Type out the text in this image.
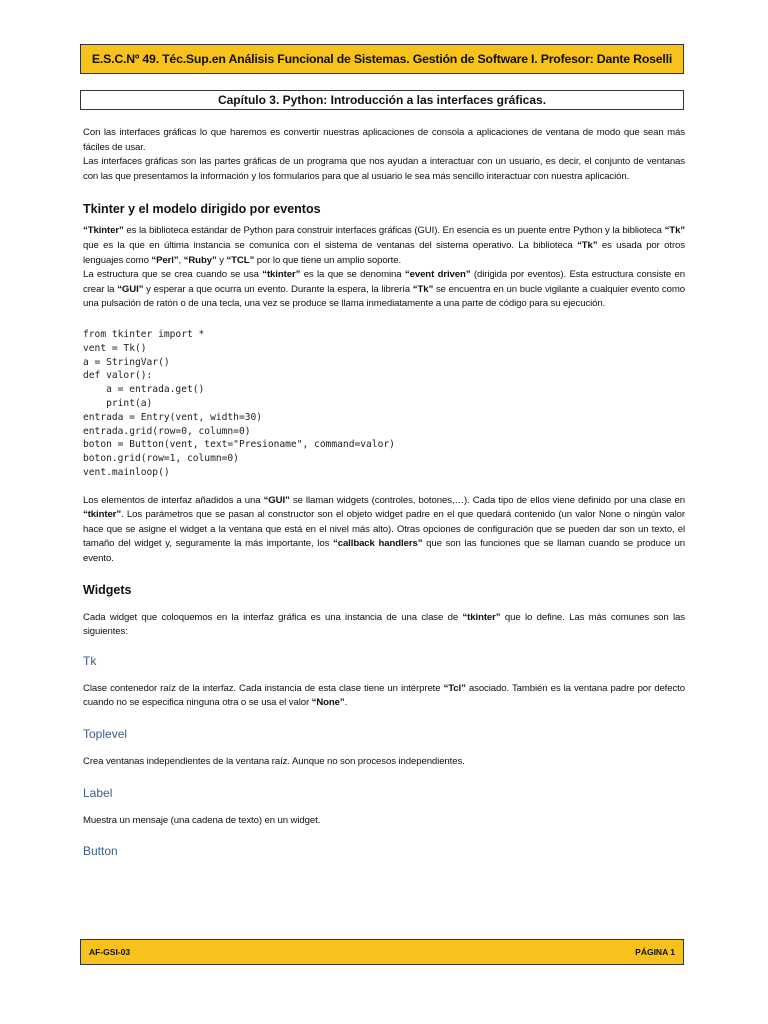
E.S.C.Nº 49. Téc.Sup.en Análisis Funcional de Sistemas. Gestión de Software I. Profesor: Dante Roselli
Capítulo 3. Python: Introducción a las interfaces gráficas.

Con las interfaces gráficas lo que haremos es convertir nuestras aplicaciones de consola a aplicaciones de ventana de modo que sean más fáciles de usar.

Las interfaces gráficas son las partes gráficas de un programa que nos ayudan a interactuar con un usuario, es decir, el conjunto de ventanas con las que presentamos la información y los formularios para que al usuario le sea más sencillo interactuar con nuestra aplicación.

Tkinter y el modelo dirigido por eventos

“Tkinter” es la biblioteca estándar de Python para construir interfaces gráficas (GUI). En esencia es un puente entre Python y la biblioteca “Tk” que es la que en última instancia se comunica con el sistema de ventanas del sistema operativo. La biblioteca “Tk” es usada por otros lenguajes como “Perl”, “Ruby” y “TCL” por lo que tiene un amplio soporte.

La estructura que se crea cuando se usa “tkinter” es la que se denomina “event driven” (dirigida por eventos). Esta estructura consiste en crear la “GUI” y esperar a que ocurra un evento. Durante la espera, la librería “Tk” se encuentra en un bucle vigilante a cualquier evento como una pulsación de ratón o de una tecla, una vez se produce se llama inmediatamente a una parte de código para su ejecución.

from tkinter import *
vent = Tk()
a = StringVar()
def valor():
a = entrada.get()
print(a)
entrada = Entry(vent, width=30)
entrada.grid(row=0, column=0)
boton = Button(vent, text="Presioname", command=valor)
boton.grid(row=1, column=0)
vent.mainloop()

Los elementos de interfaz añadidos a una “GUI” se llaman widgets (controles, botones,…). Cada tipo de ellos viene definido por una clase en “tkinter”. Los parámetros que se pasan al constructor son el objeto widget padre en el que quedará contenido (un valor None o ningún valor hace que se asigne el widget a la ventana que está en el nivel más alto). Otras opciones de configuración que se pueden dar son un texto, el tamaño del widget y, seguramente la más importante, los “callback handlers” que son las funciones que se llaman cuando se produce un evento.

Widgets

Cada widget que coloquemos en la interfaz gráfica es una instancia de una clase de “tkinter” que lo define. Las más comunes son las siguientes:

Tk

Clase contenedor raíz de la interfaz. Cada instancia de esta clase tiene un intérprete “Tcl” asociado. También es la ventana padre por defecto cuando no se especifica ninguna otra o se usa el valor “None”.

Toplevel

Crea ventanas independientes de la ventana raíz. Aunque no son procesos independientes.

Label

Muestra un mensaje (una cadena de texto) en un widget.

Button
AF-GSI-03	PÁGINA 1
